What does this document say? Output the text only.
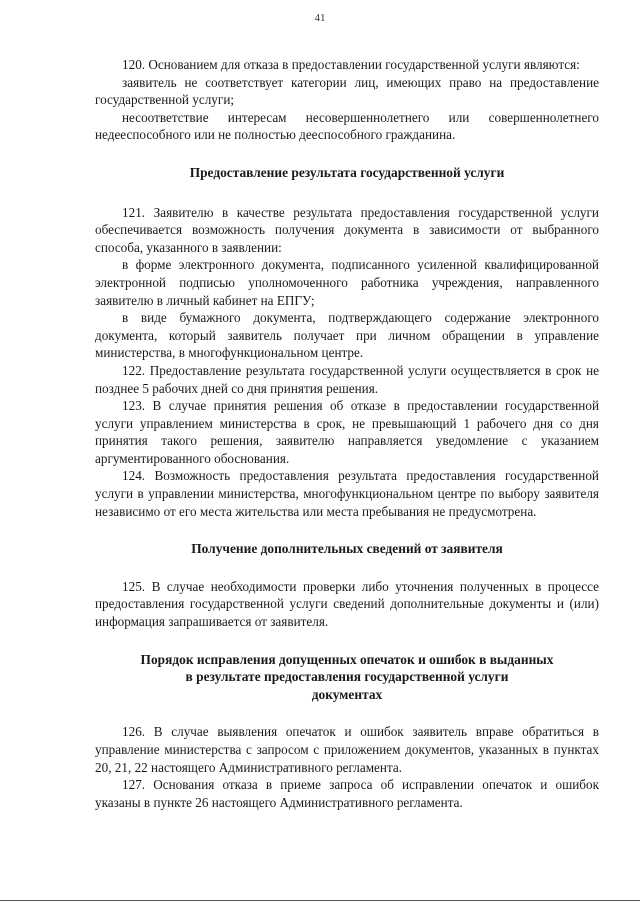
41

120. Основанием для отказа в предоставлении государственной услуги являются:

заявитель не соответствует категории лиц, имеющих право на предоставление государственной услуги;

несоответствие интересам несовершеннолетнего или совершеннолетнего недееспособного или не полностью дееспособного гражданина.

Предоставление результата государственной услуги

121. Заявителю в качестве результата предоставления государственной услуги обеспечивается возможность получения документа в зависимости от выбранного способа, указанного в заявлении:

в форме электронного документа, подписанного усиленной квалифицированной электронной подписью уполномоченного работника учреждения, направленного заявителю в личный кабинет на ЕПГУ;

в виде бумажного документа, подтверждающего содержание электронного документа, который заявитель получает при личном обращении в управление министерства, в многофункциональном центре.

122. Предоставление результата государственной услуги осуществляется в срок не позднее 5 рабочих дней со дня принятия решения.

123. В случае принятия решения об отказе в предоставлении государственной услуги управлением министерства в срок, не превышающий 1 рабочего дня со дня принятия такого решения, заявителю направляется уведомление с указанием аргументированного обоснования.

124. Возможность предоставления результата предоставления государственной услуги в управлении министерства, многофункциональном центре по выбору заявителя независимо от его места жительства или места пребывания не предусмотрена.

Получение дополнительных сведений от заявителя

125. В случае необходимости проверки либо уточнения полученных в процессе предоставления государственной услуги сведений дополнительные документы и (или) информация запрашивается от заявителя.

Порядок исправления допущенных опечаток и ошибок в выданных
в результате предоставления государственной услуги
документах

126. В случае выявления опечаток и ошибок заявитель вправе обратиться в управление министерства с запросом с приложением документов, указанных в пунктах 20, 21, 22 настоящего Административного регламента.

127. Основания отказа в приеме запроса об исправлении опечаток и ошибок указаны в пункте 26 настоящего Административного регламента.
